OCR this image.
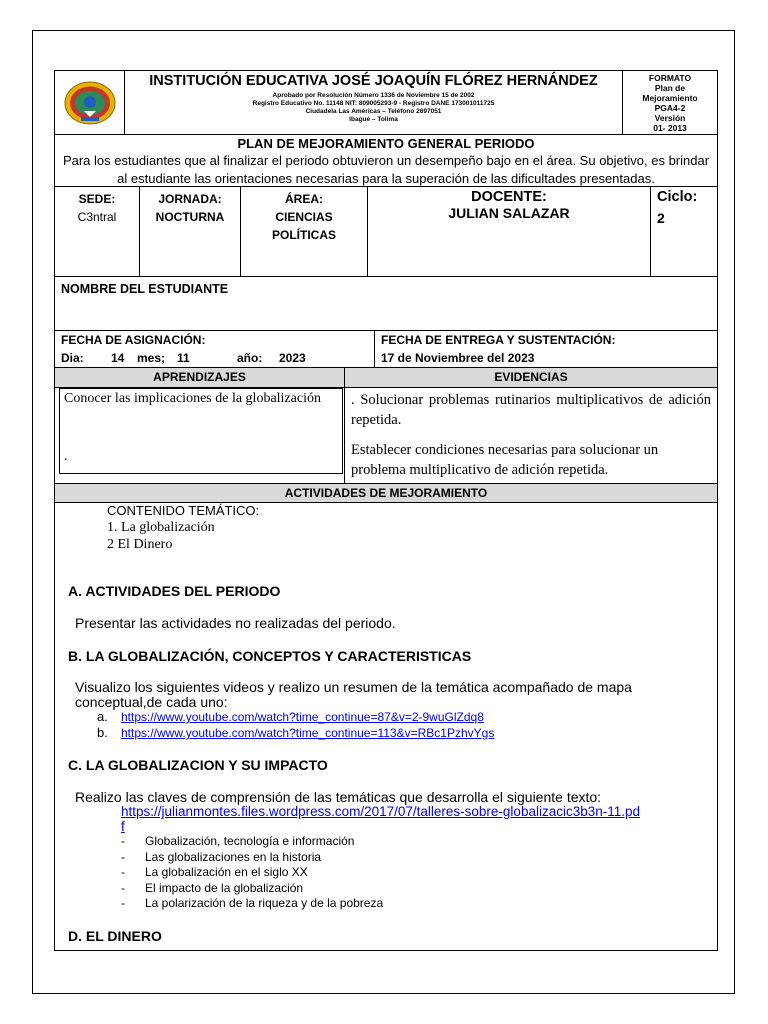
INSTITUCIÓN EDUCATIVA JOSÉ JOAQUÍN FLÓREZ HERNÁNDEZ
Aprobado por Resolución Número 1336 de Noviembre 15 de 2002
Registro Educativo No. 11148 NIT: 809005293-9 - Registro DANE 173001011725
Ciudadela Las Américas – Teléfono 2697051
Ibagué – Tolima
FORMATO
Plan de
Mejoramiento
PGA4-2
Versión
01- 2013
PLAN DE MEJORAMIENTO GENERAL PERIODO
Para los estudiantes que al finalizar el periodo obtuvieron un desempeño bajo en el área. Su objetivo, es brindar al estudiante las orientaciones necesarias para la superación de las dificultades presentadas.
SEDE:
C3ntral
JORNADA:
NOCTURNA
ÁREA:
CIENCIAS
POLÍTICAS
DOCENTE:
JULIAN SALAZAR
Ciclo:
2
NOMBRE DEL ESTUDIANTE
FECHA DE ASIGNACIÓN:
Dia:	14	mes; 11	año:	2023
FECHA DE ENTREGA Y SUSTENTACIÓN:
17 de Noviembree del 2023
APRENDIZAJES	EVIDENCIAS
Conocer las implicaciones de la globalización
.
. Solucionar problemas rutinarios multiplicativos de adición repetida.
Establecer condiciones necesarias para solucionar un problema multiplicativo de adición repetida.
ACTIVIDADES DE MEJORAMIENTO
CONTENIDO TEMÁTICO:
1. La globalización
2 El Dinero
A. ACTIVIDADES DEL PERIODO
Presentar las actividades no realizadas del periodo.
B. LA GLOBALIZACIÓN, CONCEPTOS Y CARACTERISTICAS
Visualizo los siguientes videos y realizo un resumen de la temática acompañado de mapa conceptual,de cada uno:
a. https://www.youtube.com/watch?time_continue=87&v=2-9wuGlZdq8
b. https://www.youtube.com/watch?time_continue=113&v=RBc1PzhvYgs
C. LA GLOBALIZACION Y SU IMPACTO
Realizo las claves de comprensión de las temáticas que desarrolla el siguiente texto:
https://julianmontes.files.wordpress.com/2017/07/talleres-sobre-globalizacic3b3n-11.pdf
- Globalización, tecnología e información
- Las globalizaciones en la historia
- La globalización en el siglo XX
- El impacto de la globalización
- La polarización de la riqueza y de la pobreza
D. EL DINERO
